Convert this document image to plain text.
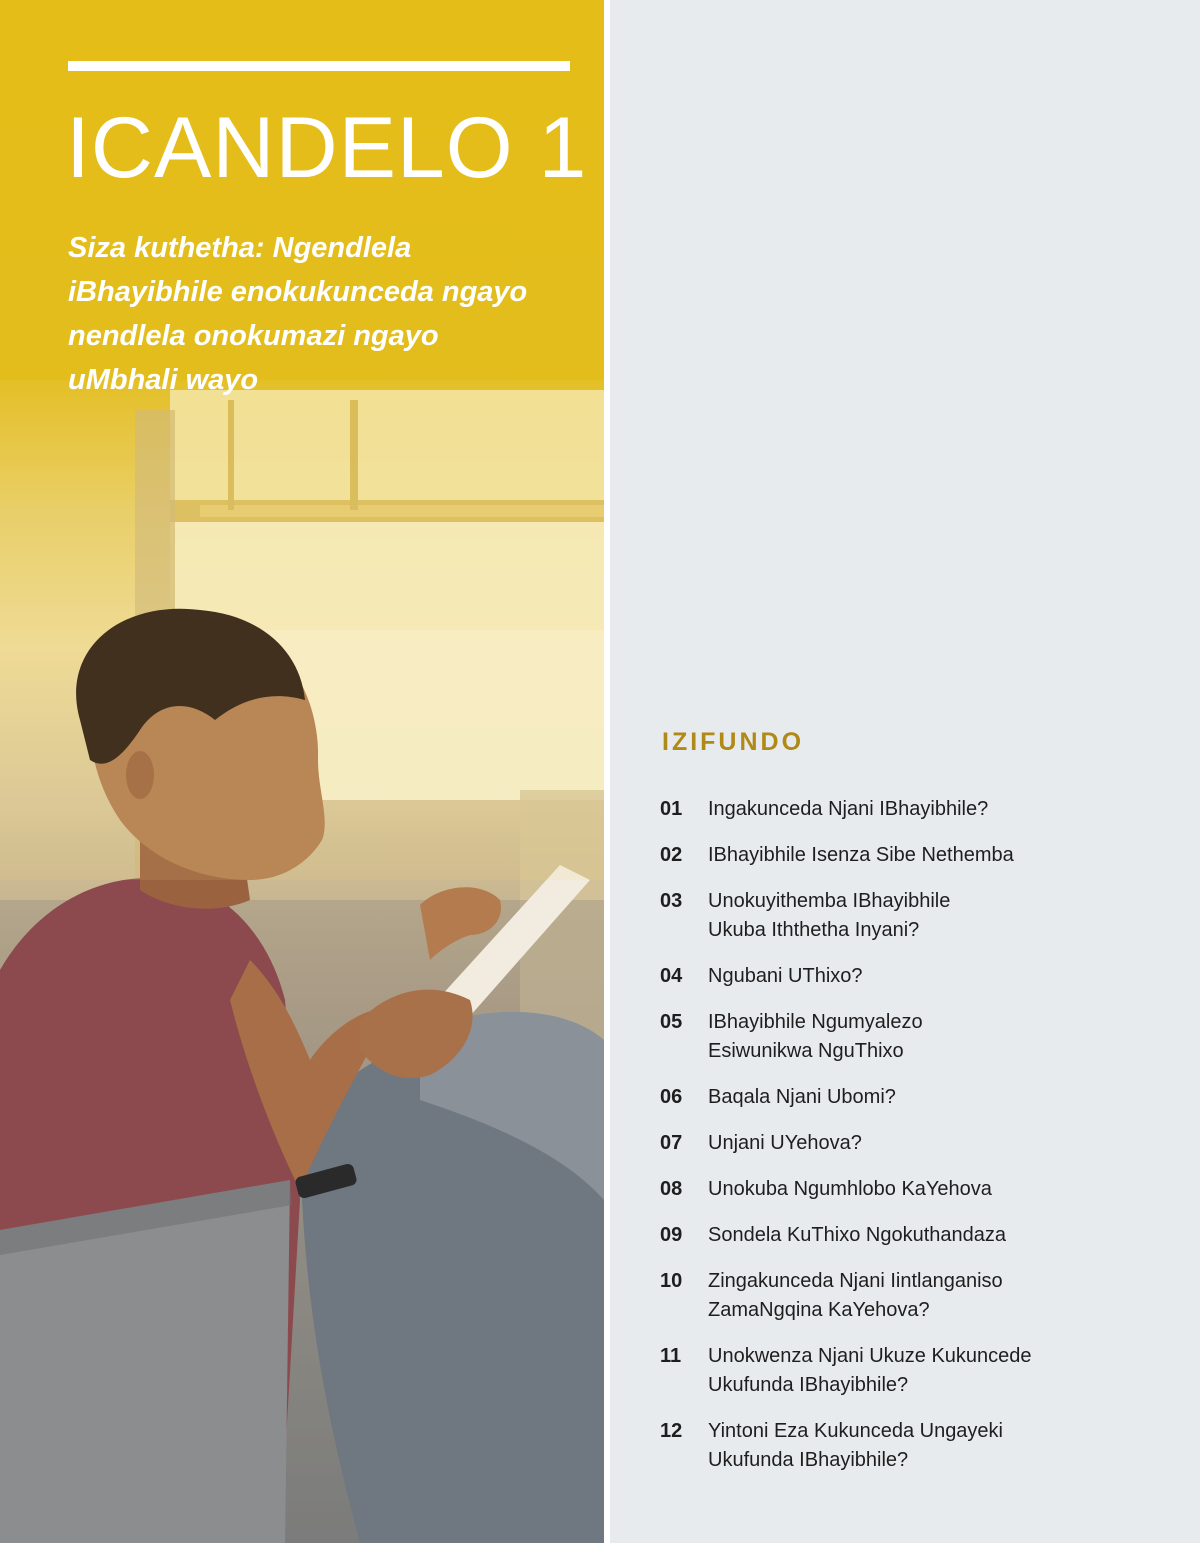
ICANDELO 1
Siza kuthetha: Ngendlela iBhayibhile enokukunceda ngayo nendlela onokumazi ngayo uMbhali wayo
IZIFUNDO
01	Ingakunceda Njani IBhayibhile?
02	IBhayibhile Isenza Sibe Nethemba
03	Unokuyithemba IBhayibhile Ukuba Iththetha Inyani?
04	Ngubani UThixo?
05	IBhayibhile Ngumyalezo Esiwunikwa NguThixo
06	Baqala Njani Ubomi?
07	Unjani UYehova?
08	Unokuba Ngumhlobo KaYehova
09	Sondela KuThixo Ngokuthandaza
10	Zingakunceda Njani Iintlanganiso ZamaNgqina KaYehova?
11	Unokwenza Njani Ukuze Kukuncede Ukufunda IBhayibhile?
12	Yintoni Eza Kukunceda Ungayeki Ukufunda IBhayibhile?
